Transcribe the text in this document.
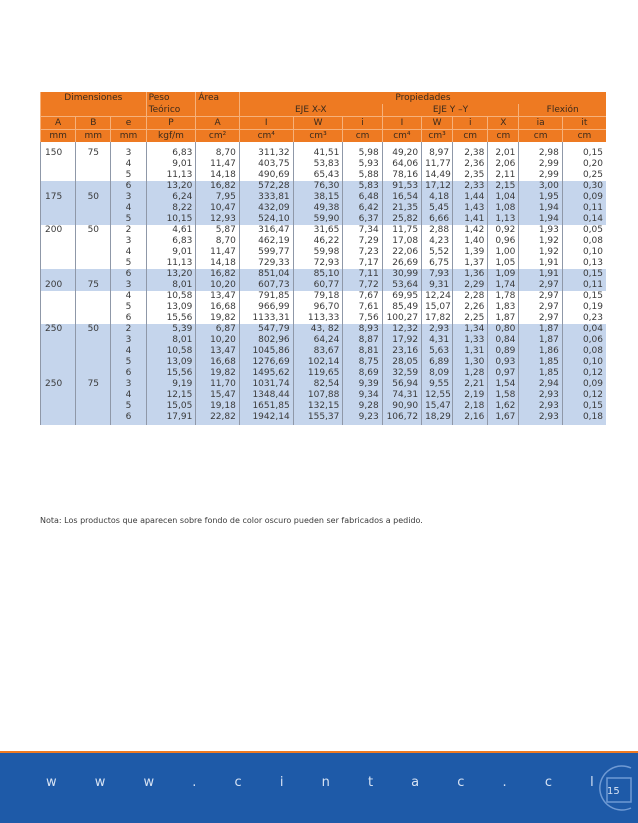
Dimensiones			Peso	Área	Propiedades								
			Teórico		EJE X-X			EJE Y –Y				Flexión	
A	B	e	P	A	I	W	i	I	W	i	X	ia	it
mm	mm	mm	kgf/m	cm²	cm⁴	cm³	cm	cm⁴	cm³	cm	cm	cm	cm

150	75	3	6,83	8,70	311,32	41,51	5,98	49,20	8,97	2,38	2,01	2,98	0,15
		4	9,01	11,47	403,75	53,83	5,93	64,06	11,77	2,36	2,06	2,99	0,20
		5	11,13	14,18	490,69	65,43	5,88	78,16	14,49	2,35	2,11	2,99	0,25
		6	13,20	16,82	572,28	76,30	5,83	91,53	17,12	2,33	2,15	3,00	0,30
175	50	3	6,24	7,95	333,81	38,15	6,48	16,54	4,18	1,44	1,04	1,95	0,09
		4	8,22	10,47	432,09	49,38	6,42	21,35	5,45	1,43	1,08	1,94	0,11
		5	10,15	12,93	524,10	59,90	6,37	25,82	6,66	1,41	1,13	1,94	0,14
200	50	2	4,61	5,87	316,47	31,65	7,34	11,75	2,88	1,42	0,92	1,93	0,05
		3	6,83	8,70	462,19	46,22	7,29	17,08	4,23	1,40	0,96	1,92	0,08
		4	9,01	11,47	599,77	59,98	7,23	22,06	5,52	1,39	1,00	1,92	0,10
		5	11,13	14,18	729,33	72,93	7,17	26,69	6,75	1,37	1,05	1,91	0,13
		6	13,20	16,82	851,04	85,10	7,11	30,99	7,93	1,36	1,09	1,91	0,15
200	75	3	8,01	10,20	607,73	60,77	7,72	53,64	9,31	2,29	1,74	2,97	0,11
		4	10,58	13,47	791,85	79,18	7,67	69,95	12,24	2,28	1,78	2,97	0,15
		5	13,09	16,68	966,99	96,70	7,61	85,49	15,07	2,26	1,83	2,97	0,19
		6	15,56	19,82	1133,31	113,33	7,56	100,27	17,82	2,25	1,87	2,97	0,23
250	50	2	5,39	6,87	547,79	43, 82	8,93	12,32	2,93	1,34	0,80	1,87	0,04
		3	8,01	10,20	802,96	64,24	8,87	17,92	4,31	1,33	0,84	1,87	0,06
		4	10,58	13,47	1045,86	83,67	8,81	23,16	5,63	1,31	0,89	1,86	0,08
		5	13,09	16,68	1276,69	102,14	8,75	28,05	6,89	1,30	0,93	1,85	0,10
		6	15,56	19,82	1495,62	119,65	8,69	32,59	8,09	1,28	0,97	1,85	0,12
250	75	3	9,19	11,70	1031,74	82,54	9,39	56,94	9,55	2,21	1,54	2,94	0,09
		4	12,15	15,47	1348,44	107,88	9,34	74,31	12,55	2,19	1,58	2,93	0,12
		5	15,05	19,18	1651,85	132,15	9,28	90,90	15,47	2,18	1,62	2,93	0,15
		6	17,91	22,82	1942,14	155,37	9,23	106,72	18,29	2,16	1,67	2,93	0,18
Nota: Los productos que aparecen sobre fondo de color oscuro pueden ser fabricados a pedido.
w w w . c i n t a c . c l
15
